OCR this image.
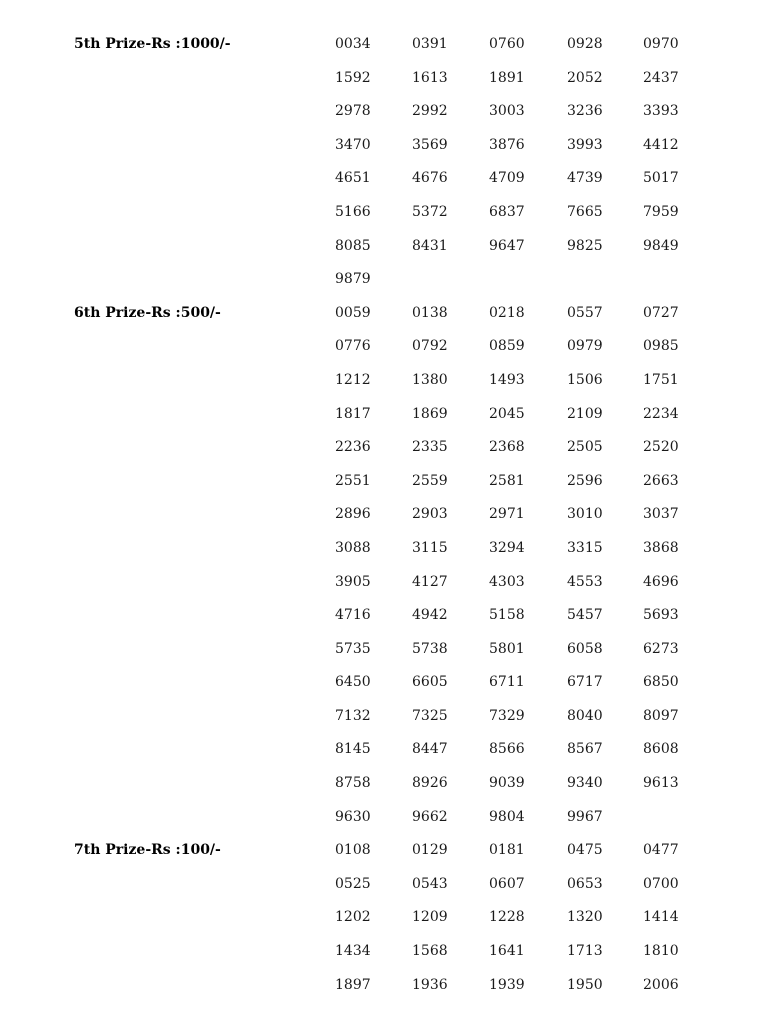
5th Prize-Rs :1000/-	0034	0391	0760	0928	0970
1592	1613	1891	2052	2437
2978	2992	3003	3236	3393
3470	3569	3876	3993	4412
4651	4676	4709	4739	5017
5166	5372	6837	7665	7959
8085	8431	9647	9825	9849
9879
6th Prize-Rs :500/-	0059	0138	0218	0557	0727
0776	0792	0859	0979	0985
1212	1380	1493	1506	1751
1817	1869	2045	2109	2234
2236	2335	2368	2505	2520
2551	2559	2581	2596	2663
2896	2903	2971	3010	3037
3088	3115	3294	3315	3868
3905	4127	4303	4553	4696
4716	4942	5158	5457	5693
5735	5738	5801	6058	6273
6450	6605	6711	6717	6850
7132	7325	7329	8040	8097
8145	8447	8566	8567	8608
8758	8926	9039	9340	9613
9630	9662	9804	9967
7th Prize-Rs :100/-	0108	0129	0181	0475	0477
0525	0543	0607	0653	0700
1202	1209	1228	1320	1414
1434	1568	1641	1713	1810
1897	1936	1939	1950	2006
